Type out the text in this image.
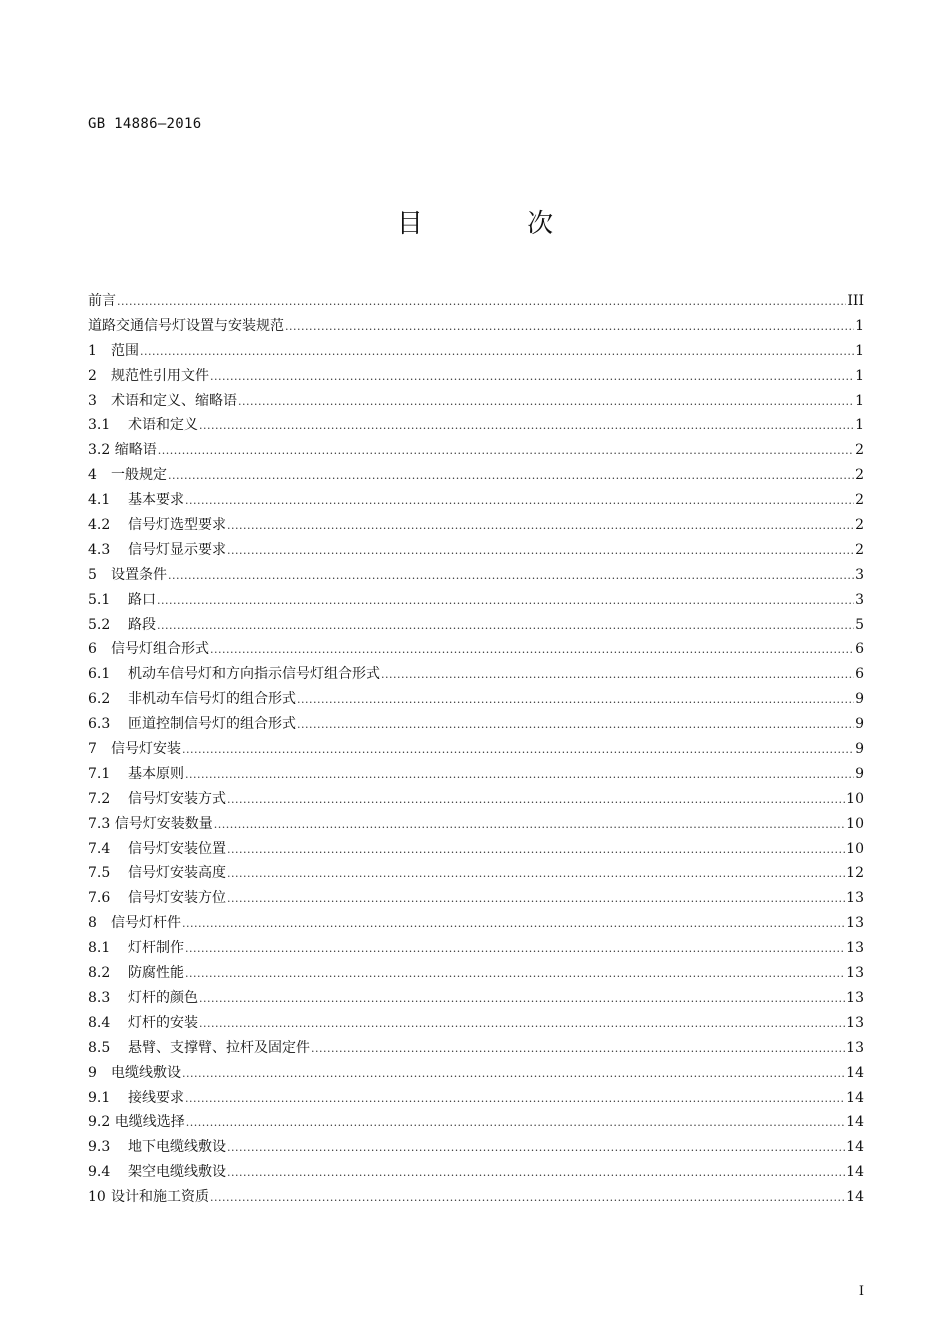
GB 14886—2016
目 次
前言 .....	III
道路交通信号灯设置与安装规范 .....	1
1 范围 .....	1
2 规范性引用文件 .....	1
3 术语和定义、缩略语 .....	1
3.1 术语和定义 .....	1
3.2 缩略语 .....	2
4 一般规定 .....	2
4.1 基本要求 .....	2
4.2 信号灯选型要求 .....	2
4.3 信号灯显示要求 .....	2
5 设置条件 .....	3
5.1 路口 .....	3
5.2 路段 .....	5
6 信号灯组合形式 .....	6
6.1 机动车信号灯和方向指示信号灯组合形式 .....	6
6.2 非机动车信号灯的组合形式 .....	9
6.3 匝道控制信号灯的组合形式 .....	9
7 信号灯安装 .....	9
7.1 基本原则 .....	9
7.2 信号灯安装方式 .....	10
7.3 信号灯安装数量 .....	10
7.4 信号灯安装位置 .....	10
7.5 信号灯安装高度 .....	12
7.6 信号灯安装方位 .....	13
8 信号灯杆件 .....	13
8.1 灯杆制作 .....	13
8.2 防腐性能 .....	13
8.3 灯杆的颜色 .....	13
8.4 灯杆的安装 .....	13
8.5 悬臂、支撑臂、拉杆及固定件 .....	13
9 电缆线敷设 .....	14
9.1 接线要求 .....	14
9.2 电缆线选择 .....	14
9.3 地下电缆线敷设 .....	14
9.4 架空电缆线敷设 .....	14
10 设计和施工资质 .....	14
I
